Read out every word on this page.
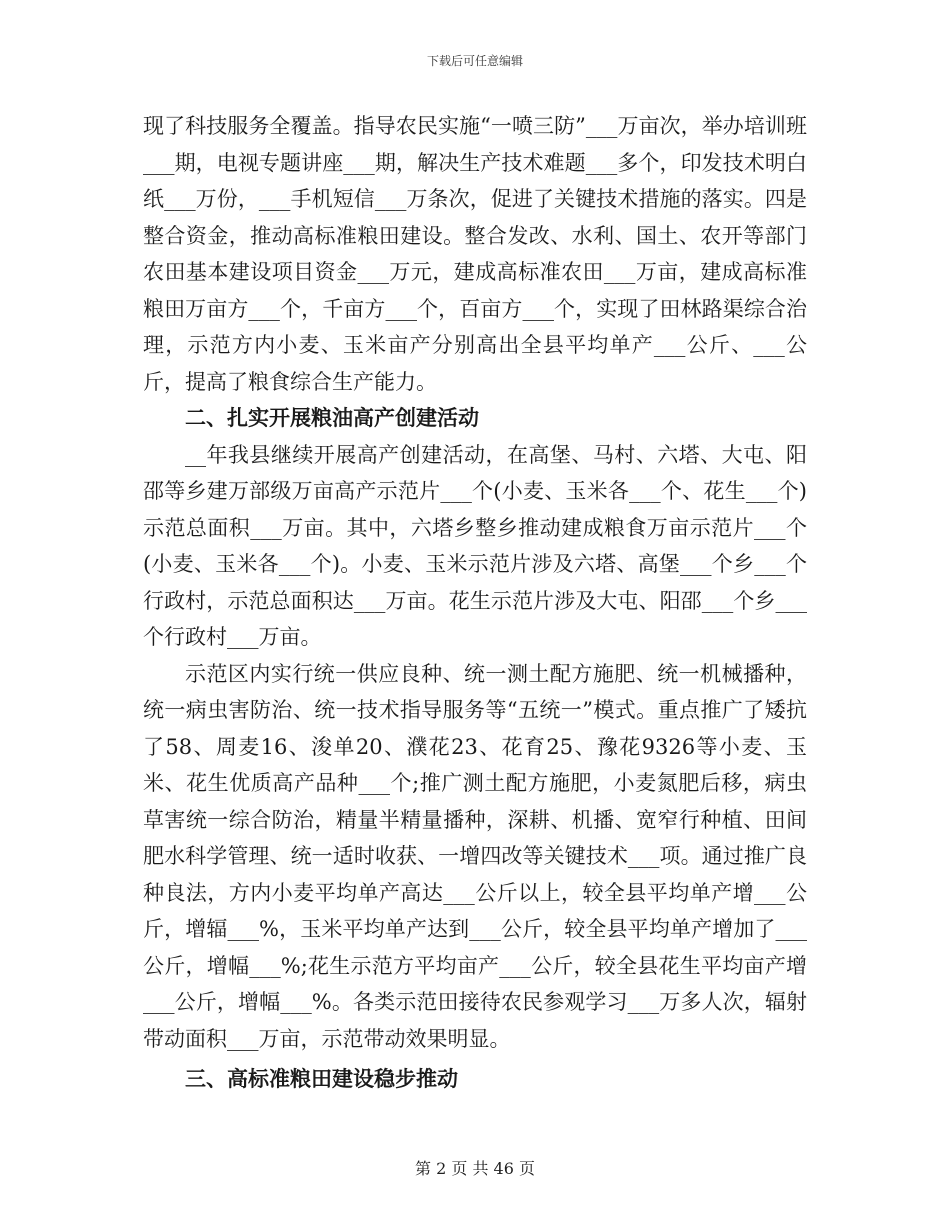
下载后可任意编辑

现了科技服务全覆盖。指导农民实施“一喷三防”___万亩次，举办培训班___期，电视专题讲座___期，解决生产技术难题___多个，印发技术明白纸___万份，___手机短信___万条次，促进了关键技术措施的落实。四是整合资金，推动高标准粮田建设。整合发改、水利、国土、农开等部门农田基本建设项目资金___万元，建成高标准农田___万亩，建成高标准粮田万亩方___个，千亩方___个，百亩方___个，实现了田林路渠综合治理，示范方内小麦、玉米亩产分别高出全县平均单产___公斤、___公斤，提高了粮食综合生产能力。

二、扎实开展粮油高产创建活动

__年我县继续开展高产创建活动，在高堡、马村、六塔、大屯、阳邵等乡建万部级万亩高产示范片___个(小麦、玉米各___个、花生___个)示范总面积___万亩。其中，六塔乡整乡推动建成粮食万亩示范片___个(小麦、玉米各___个)。小麦、玉米示范片涉及六塔、高堡___个乡___个行政村，示范总面积达___万亩。花生示范片涉及大屯、阳邵___个乡___个行政村___万亩。

示范区内实行统一供应良种、统一测土配方施肥、统一机械播种，统一病虫害防治、统一技术指导服务等“五统一”模式。重点推广了矮抗了58、周麦16、浚单20、濮花23、花育25、豫花9326等小麦、玉米、花生优质高产品种___个;推广测土配方施肥，小麦氮肥后移，病虫草害统一综合防治，精量半精量播种，深耕、机播、宽窄行种植、田间肥水科学管理、统一适时收获、一增四改等关键技术___项。通过推广良种良法，方内小麦平均单产高达___公斤以上，较全县平均单产增___公斤，增辐___%，玉米平均单产达到___公斤，较全县平均单产增加了___公斤，增幅___%;花生示范方平均亩产___公斤，较全县花生平均亩产增___公斤，增幅___%。各类示范田接待农民参观学习___万多人次，辐射带动面积___万亩，示范带动效果明显。

三、高标准粮田建设稳步推动

第 2 页 共 46 页
